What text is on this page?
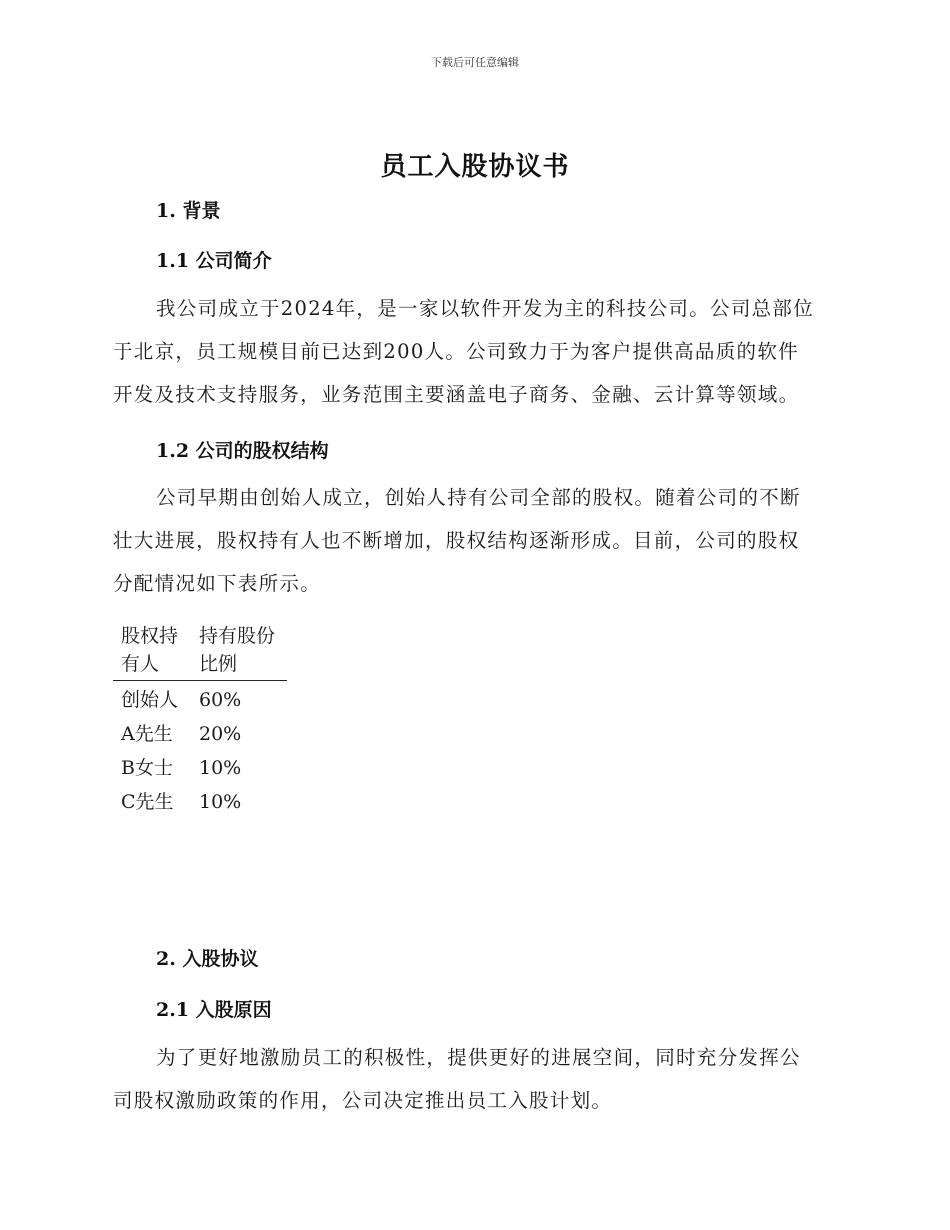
下载后可任意编辑
员工入股协议书
1. 背景
1.1 公司简介
我公司成立于2024年，是一家以软件开发为主的科技公司。公司总部位
于北京，员工规模目前已达到200人。公司致力于为客户提供高品质的软件
开发及技术支持服务，业务范围主要涵盖电子商务、金融、云计算等领域。
1.2 公司的股权结构
公司早期由创始人成立，创始人持有公司全部的股权。随着公司的不断
壮大进展，股权持有人也不断增加，股权结构逐渐形成。目前，公司的股权
分配情况如下表所示。
股权持有人	持有股份比例
创始人	60%
A先生	20%
B女士	10%
C先生	10%
2. 入股协议
2.1 入股原因
为了更好地激励员工的积极性，提供更好的进展空间，同时充分发挥公
司股权激励政策的作用，公司决定推出员工入股计划。
